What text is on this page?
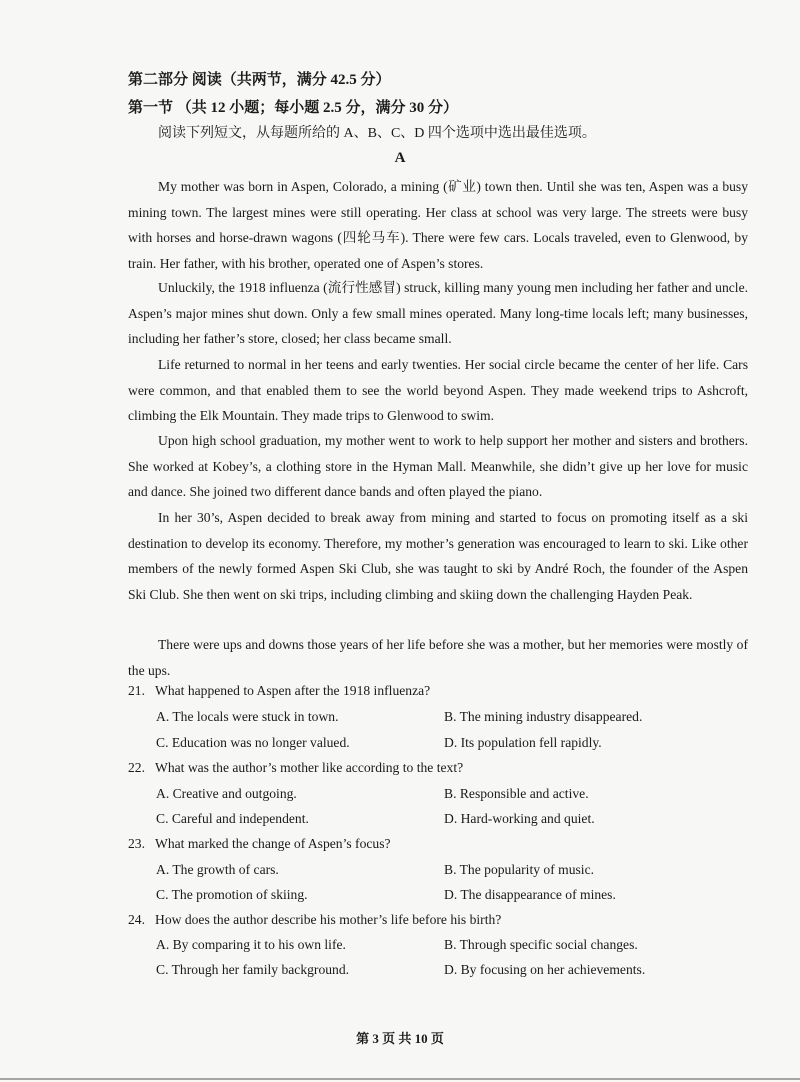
第二部分 阅读（共两节，满分 42.5 分）
第一节 （共 12 小题；每小题 2.5 分，满分 30 分）
阅读下列短文，从每题所给的 A、B、C、D 四个选项中选出最佳选项。
A
My mother was born in Aspen, Colorado, a mining (矿业) town then. Until she was ten, Aspen was a busy mining town. The largest mines were still operating. Her class at school was very large. The streets were busy with horses and horse-drawn wagons (四轮马车). There were few cars. Locals traveled, even to Glenwood, by train. Her father, with his brother, operated one of Aspen’s stores.
Unluckily, the 1918 influenza (流行性感冒) struck, killing many young men including her father and uncle. Aspen’s major mines shut down. Only a few small mines operated. Many long-time locals left; many businesses, including her father’s store, closed; her class became small.
Life returned to normal in her teens and early twenties. Her social circle became the center of her life. Cars were common, and that enabled them to see the world beyond Aspen. They made weekend trips to Ashcroft, climbing the Elk Mountain. They made trips to Glenwood to swim.
Upon high school graduation, my mother went to work to help support her mother and sisters and brothers. She worked at Kobey’s, a clothing store in the Hyman Mall. Meanwhile, she didn’t give up her love for music and dance. She joined two different dance bands and often played the piano.
In her 30’s, Aspen decided to break away from mining and started to focus on promoting itself as a ski destination to develop its economy. Therefore, my mother’s generation was encouraged to learn to ski. Like other members of the newly formed Aspen Ski Club, she was taught to ski by André Roch, the founder of the Aspen Ski Club. She then went on ski trips, including climbing and skiing down the challenging Hayden Peak.
There were ups and downs those years of her life before she was a mother, but her memories were mostly of the ups.
21. What happened to Aspen after the 1918 influenza?
A. The locals were stuck in town.	B. The mining industry disappeared.
C. Education was no longer valued.	D. Its population fell rapidly.
22. What was the author’s mother like according to the text?
A. Creative and outgoing.	B. Responsible and active.
C. Careful and independent.	D. Hard-working and quiet.
23. What marked the change of Aspen’s focus?
A. The growth of cars.	B. The popularity of music.
C. The promotion of skiing.	D. The disappearance of mines.
24. How does the author describe his mother’s life before his birth?
A. By comparing it to his own life.	B. Through specific social changes.
C. Through her family background.	D. By focusing on her achievements.
第 3 页 共 10 页
